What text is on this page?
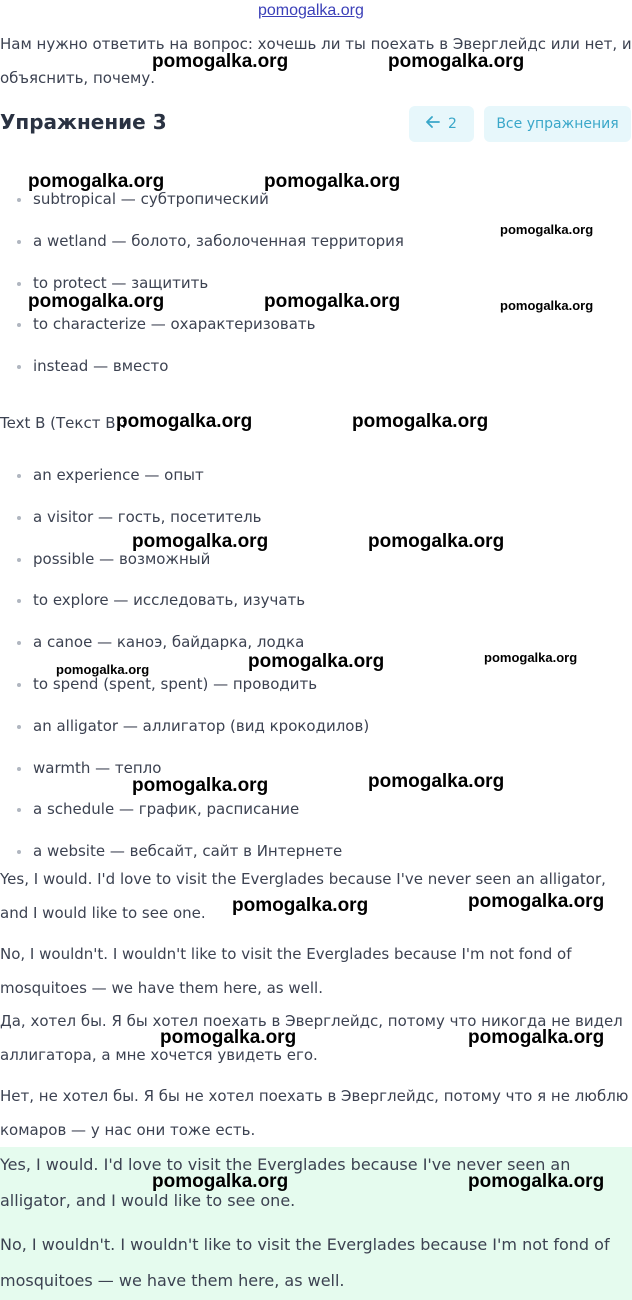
pomogalka.org

Нам нужно ответить на вопрос: хочешь ли ты поехать в Эверглейдс или нет, и объяснить, почему.

Упражнение 3	2	Все упражнения
subtropical — субтропический
a wetland — болото, заболоченная территория
to protect — защитить
to characterize — охарактеризовать
instead — вместо
Text B (Текст B):
an experience — опыт
a visitor — гость, посетитель
possible — возможный
to explore — исследовать, изучать
a canoe — каноэ, байдарка, лодка
to spend (spent, spent) — проводить
an alligator — аллигатор (вид крокодилов)
warmth — тепло
a schedule — график, расписание
a website — вебсайт, сайт в Интернете

Yes, I would. I'd love to visit the Everglades because I've never seen an alligator, and I would like to see one.

No, I wouldn't. I wouldn't like to visit the Everglades because I'm not fond of mosquitoes — we have them here, as well.

Да, хотел бы. Я бы хотел поехать в Эверглейдс, потому что никогда не видел аллигатора, а мне хочется увидеть его.

Нет, не хотел бы. Я бы не хотел поехать в Эверглейдс, потому что я не люблю комаров — у нас они тоже есть.

Yes, I would. I'd love to visit the Everglades because I've never seen an alligator, and I would like to see one.

No, I wouldn't. I wouldn't like to visit the Everglades because I'm not fond of mosquitoes — we have them here, as well.

pomogalka.org	pomogalka.org
pomogalka.org	pomogalka.org
pomogalka.org
pomogalka.org	pomogalka.org	pomogalka.org
pomogalka.org	pomogalka.org
pomogalka.org	pomogalka.org
pomogalka.org
pomogalka.org
pomogalka.org
pomogalka.org
pomogalka.org
pomogalka.org
pomogalka.org
pomogalka.org	pomogalka.org
pomogalka.org	pomogalka.org
